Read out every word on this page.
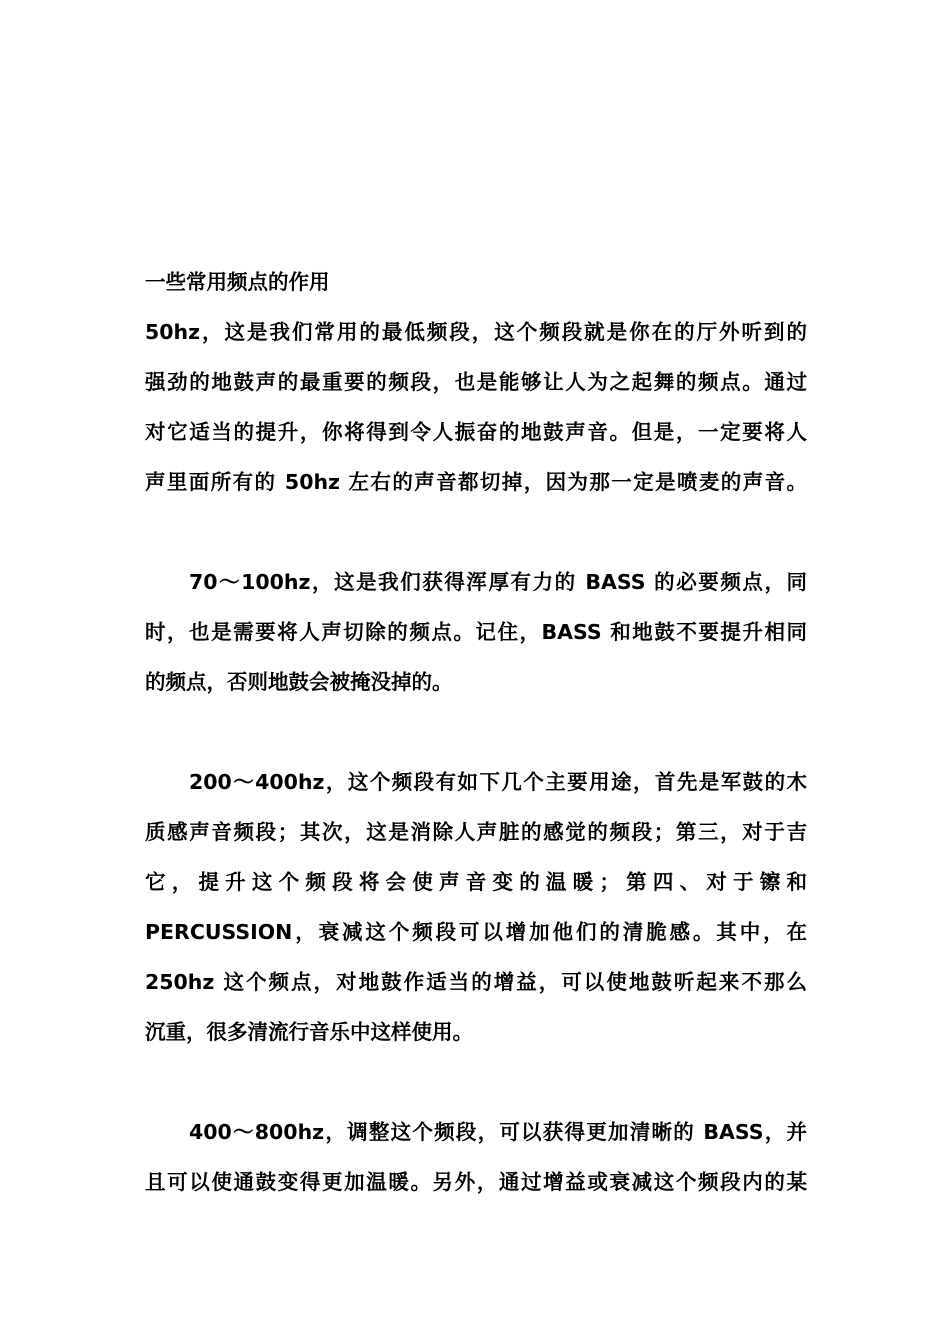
一些常用频点的作用
50hz，这是我们常用的最低频段，这个频段就是你在的厅外听到的
强劲的地鼓声的最重要的频段，也是能够让人为之起舞的频点。通过
对它适当的提升，你将得到令人振奋的地鼓声音。但是，一定要将人
声里面所有的 50hz 左右的声音都切掉，因为那一定是喷麦的声音。
70～100hz，这是我们获得浑厚有力的 BASS 的必要频点，同
时，也是需要将人声切除的频点。记住，BASS 和地鼓不要提升相同
的频点，否则地鼓会被掩没掉的。
200～400hz，这个频段有如下几个主要用途，首先是军鼓的木
质感声音频段；其次，这是消除人声脏的感觉的频段；第三，对于吉
它，提升这个频段将会使声音变的温暖；第四、对于镲和
PERCUSSION，衰减这个频段可以增加他们的清脆感。其中，在
250hz 这个频点，对地鼓作适当的增益，可以使地鼓听起来不那么
沉重，很多清流行音乐中这样使用。
400～800hz，调整这个频段，可以获得更加清晰的 BASS，并
且可以使通鼓变得更加温暖。另外，通过增益或衰减这个频段内的某
